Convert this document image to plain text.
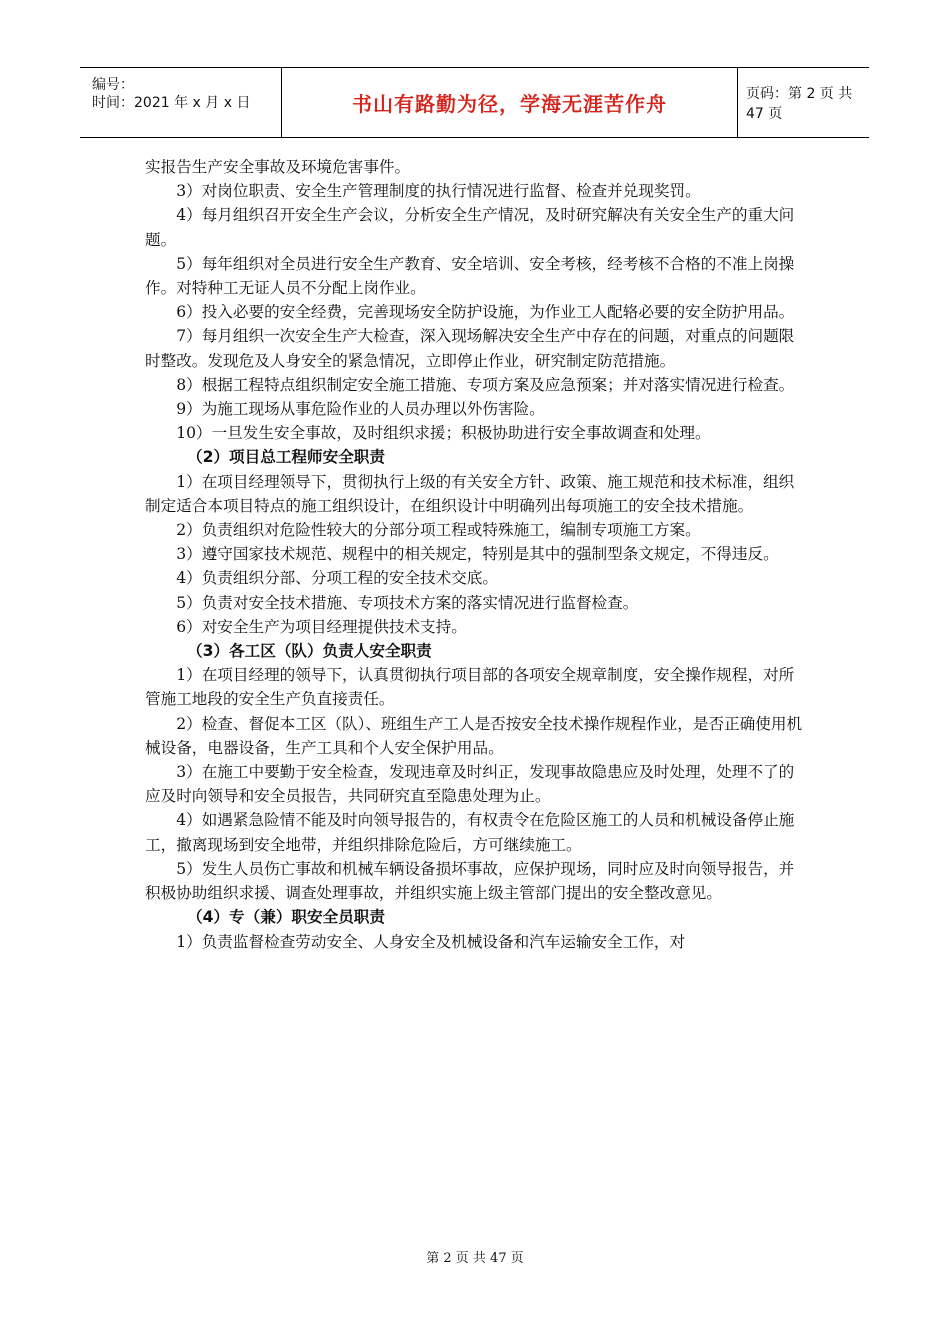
编号：
时间：2021 年 x 月 x 日	书山有路勤为径，学海无涯苦作舟	页码：第 2 页 共 47 页

实报告生产安全事故及环境危害事件。

3）对岗位职责、安全生产管理制度的执行情况进行监督、检查并兑现奖罚。

4）每月组织召开安全生产会议，分析安全生产情况，及时研究解决有关安全生产的重大问题。

5）每年组织对全员进行安全生产教育、安全培训、安全考核，经考核不合格的不准上岗操作。对特种工无证人员不分配上岗作业。

6）投入必要的安全经费，完善现场安全防护设施，为作业工人配辂必要的安全防护用品。

7）每月组织一次安全生产大检查，深入现场解决安全生产中存在的问题，对重点的问题限时整改。发现危及人身安全的紧急情况，立即停止作业，研究制定防范措施。

8）根据工程特点组织制定安全施工措施、专项方案及应急预案；并对落实情况进行检查。

9）为施工现场从事危险作业的人员办理以外伤害险。

10）一旦发生安全事故，及时组织求援；积极协助进行安全事故调查和处理。

（2）项目总工程师安全职责

1）在项目经理领导下，贯彻执行上级的有关安全方针、政策、施工规范和技术标准，组织制定适合本项目特点的施工组织设计，在组织设计中明确列出每项施工的安全技术措施。

2）负责组织对危险性较大的分部分项工程或特殊施工，编制专项施工方案。

3）遵守国家技术规范、规程中的相关规定，特别是其中的强制型条文规定，不得违反。

4）负责组织分部、分项工程的安全技术交底。

5）负责对安全技术措施、专项技术方案的落实情况进行监督检查。

6）对安全生产为项目经理提供技术支持。

（3）各工区（队）负责人安全职责

1）在项目经理的领导下，认真贯彻执行项目部的各项安全规章制度，安全操作规程，对所管施工地段的安全生产负直接责任。

2）检查、督促本工区（队）、班组生产工人是否按安全技术操作规程作业，是否正确使用机械设备，电器设备，生产工具和个人安全保护用品。

3）在施工中要勤于安全检查，发现违章及时纠正，发现事故隐患应及时处理，处理不了的应及时向领导和安全员报告，共同研究直至隐患处理为止。

4）如遇紧急险情不能及时向领导报告的，有权责令在危险区施工的人员和机械设备停止施工，撤离现场到安全地带，并组织排除危险后，方可继续施工。

5）发生人员伤亡事故和机械车辆设备损坏事故，应保护现场，同时应及时向领导报告，并积极协助组织求援、调查处理事故，并组织实施上级主管部门提出的安全整改意见。

（4）专（兼）职安全员职责

1）负责监督检查劳动安全、人身安全及机械设备和汽车运输安全工作，对

第 2 页 共 47 页
